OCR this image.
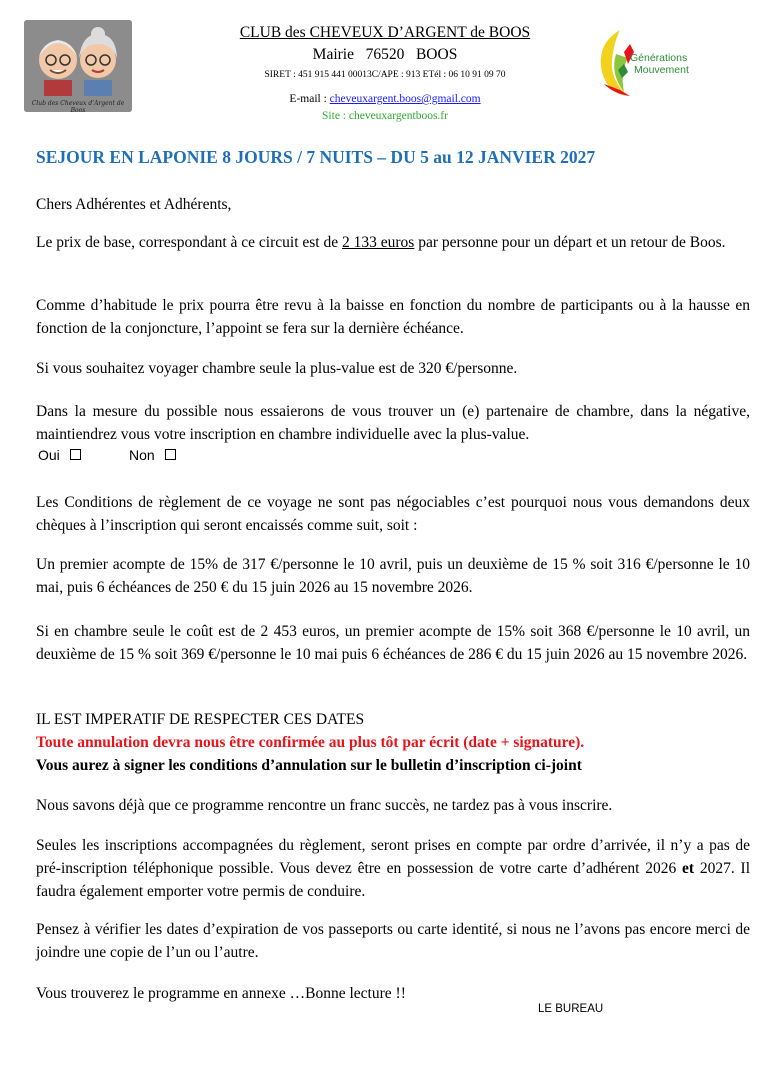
Club des Cheveux d’Argent de Boos
CLUB des CHEVEUX D’ARGENT de BOOS
Mairie   76520   BOOS
SIRET : 451 915 441 00013C/APE : 913 ETél : 06 10 91 09 70
E-mail : cheveuxargent.boos@gmail.com
Site : cheveuxargentboos.fr
Générations
Mouvement
SEJOUR EN LAPONIE 8 JOURS / 7 NUITS – DU 5 au 12 JANVIER 2027
Chers Adhérentes et Adhérents,
Le prix de base, correspondant à ce circuit est de 2 133 euros par personne pour un départ et un retour de Boos.
Comme d’habitude le prix pourra être revu à la baisse en fonction du nombre de participants ou à la hausse en fonction de la conjoncture, l’appoint se fera sur la dernière échéance.
Si vous souhaitez voyager chambre seule la plus-value est de 320 €/personne.
Dans la mesure du possible nous essaierons de vous trouver un (e) partenaire de chambre, dans la négative, maintiendrez vous votre inscription en chambre individuelle avec la plus-value.
Oui	Non
Les Conditions de règlement de ce voyage ne sont pas négociables c’est pourquoi nous vous demandons deux chèques à l’inscription qui seront encaissés comme suit, soit :
Un premier acompte de 15% de 317 €/personne le 10 avril, puis un deuxième de 15 % soit 316 €/personne le 10 mai, puis 6 échéances de 250 € du 15 juin 2026 au 15 novembre 2026.
Si en chambre seule le coût est de 2 453 euros, un premier acompte de 15% soit 368 €/personne le 10 avril, un deuxième de 15 % soit 369 €/personne le 10 mai puis 6 échéances de 286 € du 15 juin 2026 au 15 novembre 2026.
IL EST IMPERATIF DE RESPECTER CES DATES
Toute annulation devra nous être confirmée au plus tôt par écrit (date + signature).
Vous aurez à signer les conditions d’annulation sur le bulletin d’inscription ci-joint
Nous savons déjà que ce programme rencontre un franc succès, ne tardez pas à vous inscrire.
Seules les inscriptions accompagnées du règlement, seront prises en compte par ordre d’arrivée, il n’y a pas de pré-inscription téléphonique possible. Vous devez être en possession de votre carte d’adhérent 2026 et 2027. Il faudra également emporter votre permis de conduire.
Pensez à vérifier les dates d’expiration de vos passeports ou carte identité, si nous ne l’avons pas encore merci de joindre une copie de l’un ou l’autre.
Vous trouverez le programme en annexe …Bonne lecture !!
LE BUREAU
